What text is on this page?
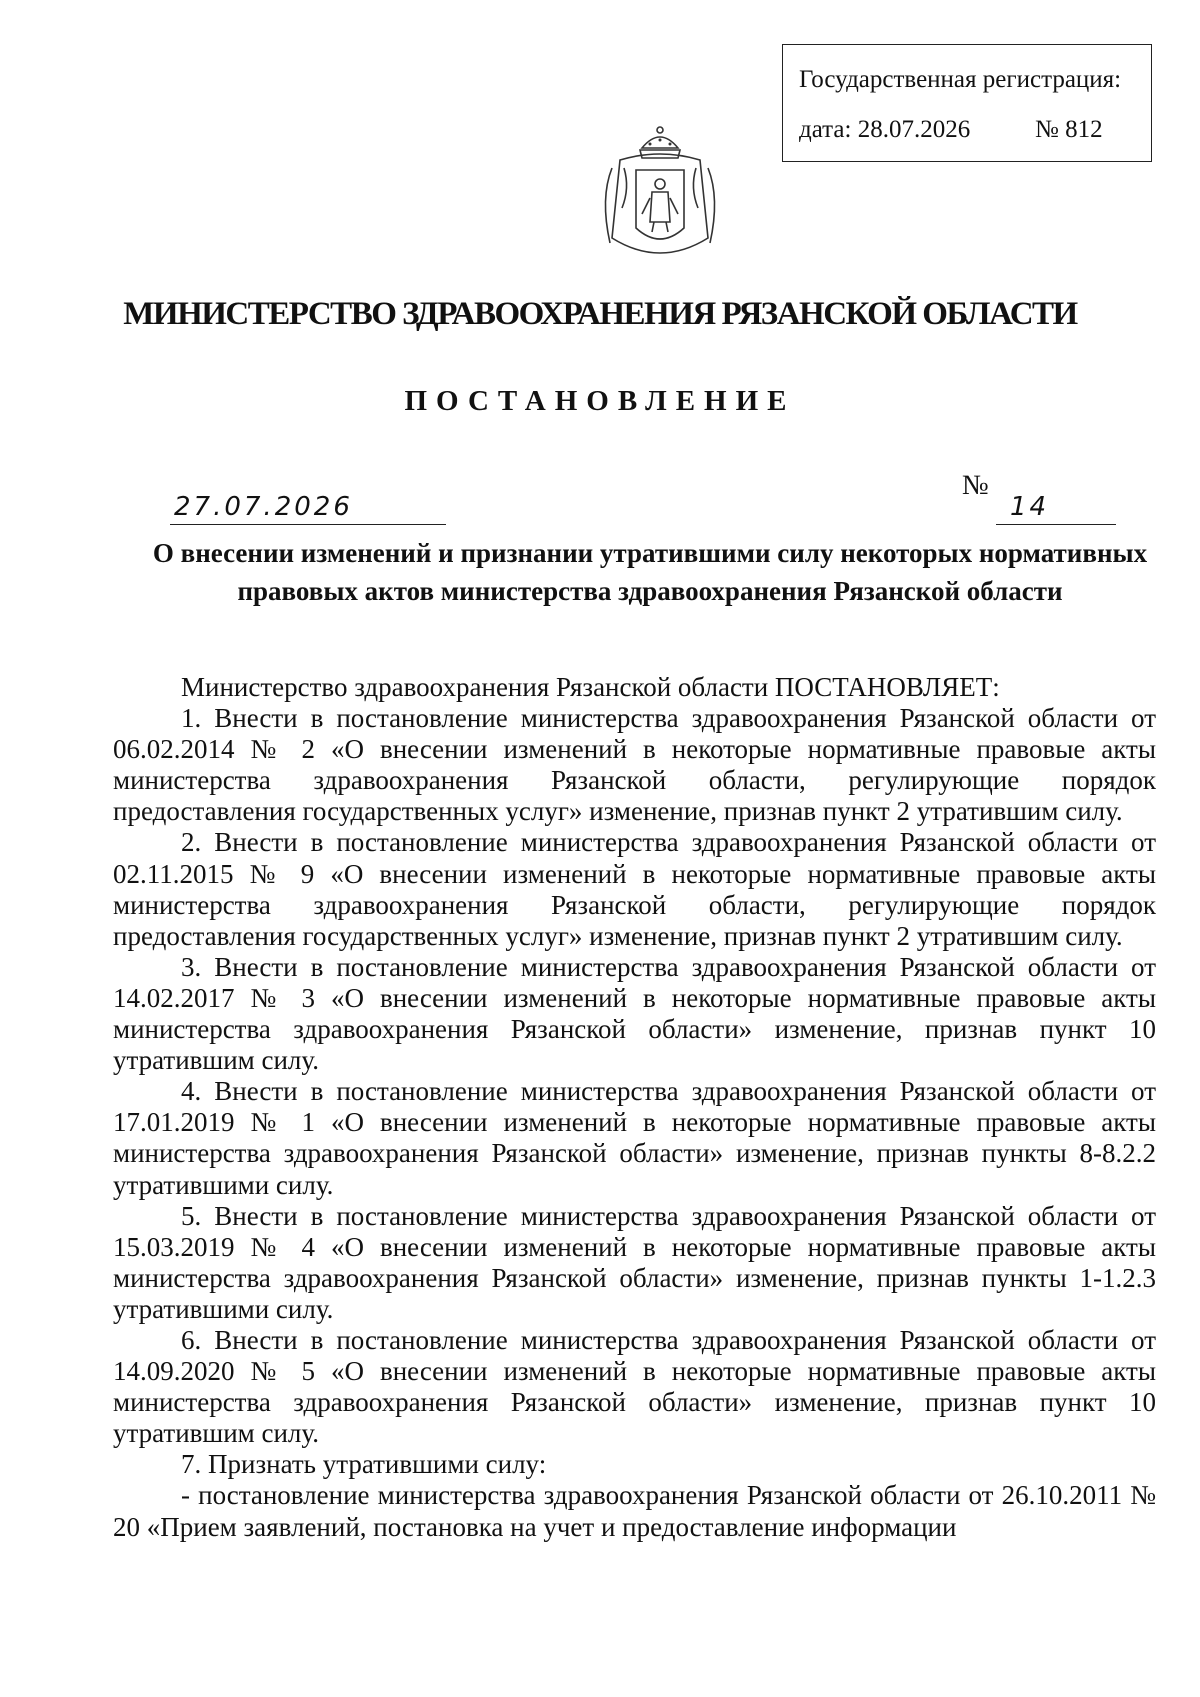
Государственная регистрация:
дата: 28.07.2026	№ 812
МИНИСТЕРСТВО ЗДРАВООХРАНЕНИЯ РЯЗАНСКОЙ ОБЛАСТИ
ПОСТАНОВЛЕНИЕ
27.07.2026
№
14
О внесении изменений и признании утратившими силу некоторых нормативных правовых актов министерства здравоохранения Рязанской области

Министерство здравоохранения Рязанской области ПОСТАНОВЛЯЕТ:

1. Внести в постановление министерства здравоохранения Рязанской области от 06.02.2014 № 2 «О внесении изменений в некоторые нормативные правовые акты министерства здравоохранения Рязанской области, регулирующие порядок предоставления государственных услуг» изменение, признав пункт 2 утратившим силу.

2. Внести в постановление министерства здравоохранения Рязанской области от 02.11.2015 № 9 «О внесении изменений в некоторые нормативные правовые акты министерства здравоохранения Рязанской области, регулирующие порядок предоставления государственных услуг» изменение, признав пункт 2 утратившим силу.

3. Внести в постановление министерства здравоохранения Рязанской области от 14.02.2017 № 3 «О внесении изменений в некоторые нормативные правовые акты министерства здравоохранения Рязанской области» изменение, признав пункт 10 утратившим силу.

4. Внести в постановление министерства здравоохранения Рязанской области от 17.01.2019 № 1 «О внесении изменений в некоторые нормативные правовые акты министерства здравоохранения Рязанской области» изменение, признав пункты 8-8.2.2 утратившими силу.

5. Внести в постановление министерства здравоохранения Рязанской области от 15.03.2019 № 4 «О внесении изменений в некоторые нормативные правовые акты министерства здравоохранения Рязанской области» изменение, признав пункты 1-1.2.3 утратившими силу.

6. Внести в постановление министерства здравоохранения Рязанской области от 14.09.2020 № 5 «О внесении изменений в некоторые нормативные правовые акты министерства здравоохранения Рязанской области» изменение, признав пункт 10 утратившим силу.

7. Признать утратившими силу:

- постановление министерства здравоохранения Рязанской области от 26.10.2011 № 20 «Прием заявлений, постановка на учет и предоставление информации
